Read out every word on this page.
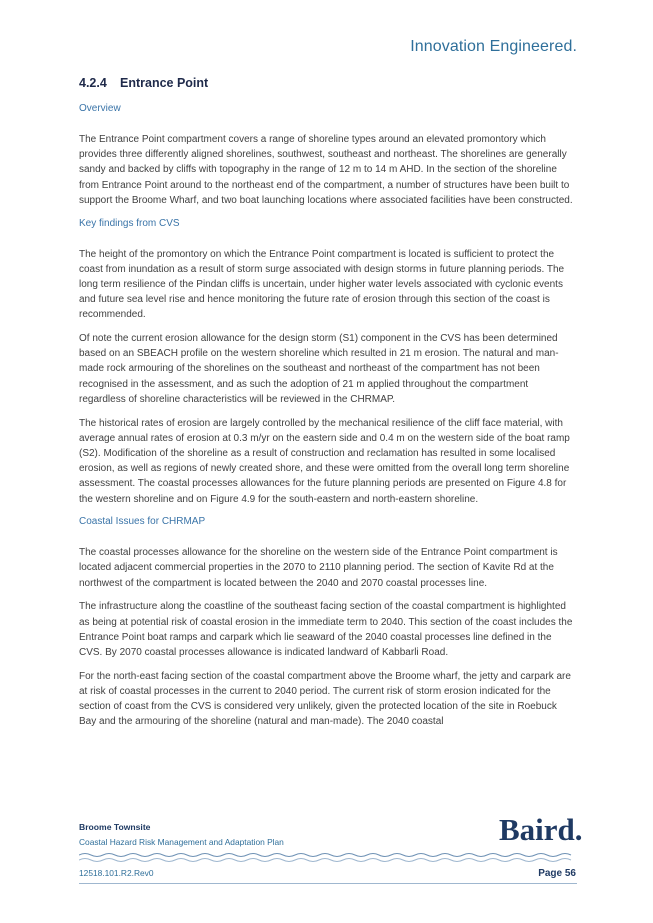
Innovation Engineered.
4.2.4 Entrance Point
Overview

The Entrance Point compartment covers a range of shoreline types around an elevated promontory which provides three differently aligned shorelines, southwest, southeast and northeast. The shorelines are generally sandy and backed by cliffs with topography in the range of 12 m to 14 m AHD. In the section of the shoreline from Entrance Point around to the northeast end of the compartment, a number of structures have been built to support the Broome Wharf, and two boat launching locations where associated facilities have been constructed.

Key findings from CVS

The height of the promontory on which the Entrance Point compartment is located is sufficient to protect the coast from inundation as a result of storm surge associated with design storms in future planning periods. The long term resilience of the Pindan cliffs is uncertain, under higher water levels associated with cyclonic events and future sea level rise and hence monitoring the future rate of erosion through this section of the coast is recommended.

Of note the current erosion allowance for the design storm (S1) component in the CVS has been determined based on an SBEACH profile on the western shoreline which resulted in 21 m erosion. The natural and man-made rock armouring of the shorelines on the southeast and northeast of the compartment has not been recognised in the assessment, and as such the adoption of 21 m applied throughout the compartment regardless of shoreline characteristics will be reviewed in the CHRMAP.

The historical rates of erosion are largely controlled by the mechanical resilience of the cliff face material, with average annual rates of erosion at 0.3 m/yr on the eastern side and 0.4 m on the western side of the boat ramp (S2). Modification of the shoreline as a result of construction and reclamation has resulted in some localised erosion, as well as regions of newly created shore, and these were omitted from the overall long term shoreline assessment. The coastal processes allowances for the future planning periods are presented on Figure 4.8 for the western shoreline and on Figure 4.9 for the south-eastern and north-eastern shoreline.

Coastal Issues for CHRMAP

The coastal processes allowance for the shoreline on the western side of the Entrance Point compartment is located adjacent commercial properties in the 2070 to 2110 planning period. The section of Kavite Rd at the northwest of the compartment is located between the 2040 and 2070 coastal processes line.

The infrastructure along the coastline of the southeast facing section of the coastal compartment is highlighted as being at potential risk of coastal erosion in the immediate term to 2040. This section of the coast includes the Entrance Point boat ramps and carpark which lie seaward of the 2040 coastal processes line defined in the CVS. By 2070 coastal processes allowance is indicated landward of Kabbarli Road.

For the north-east facing section of the coastal compartment above the Broome wharf, the jetty and carpark are at risk of coastal processes in the current to 2040 period. The current risk of storm erosion indicated for the section of coast from the CVS is considered very unlikely, given the protected location of the site in Roebuck Bay and the armouring of the shoreline (natural and man-made). The 2040 coastal

Broome Townsite
Coastal Hazard Risk Management and Adaptation Plan	Baird.
12518.101.R2.Rev0	Page 56
